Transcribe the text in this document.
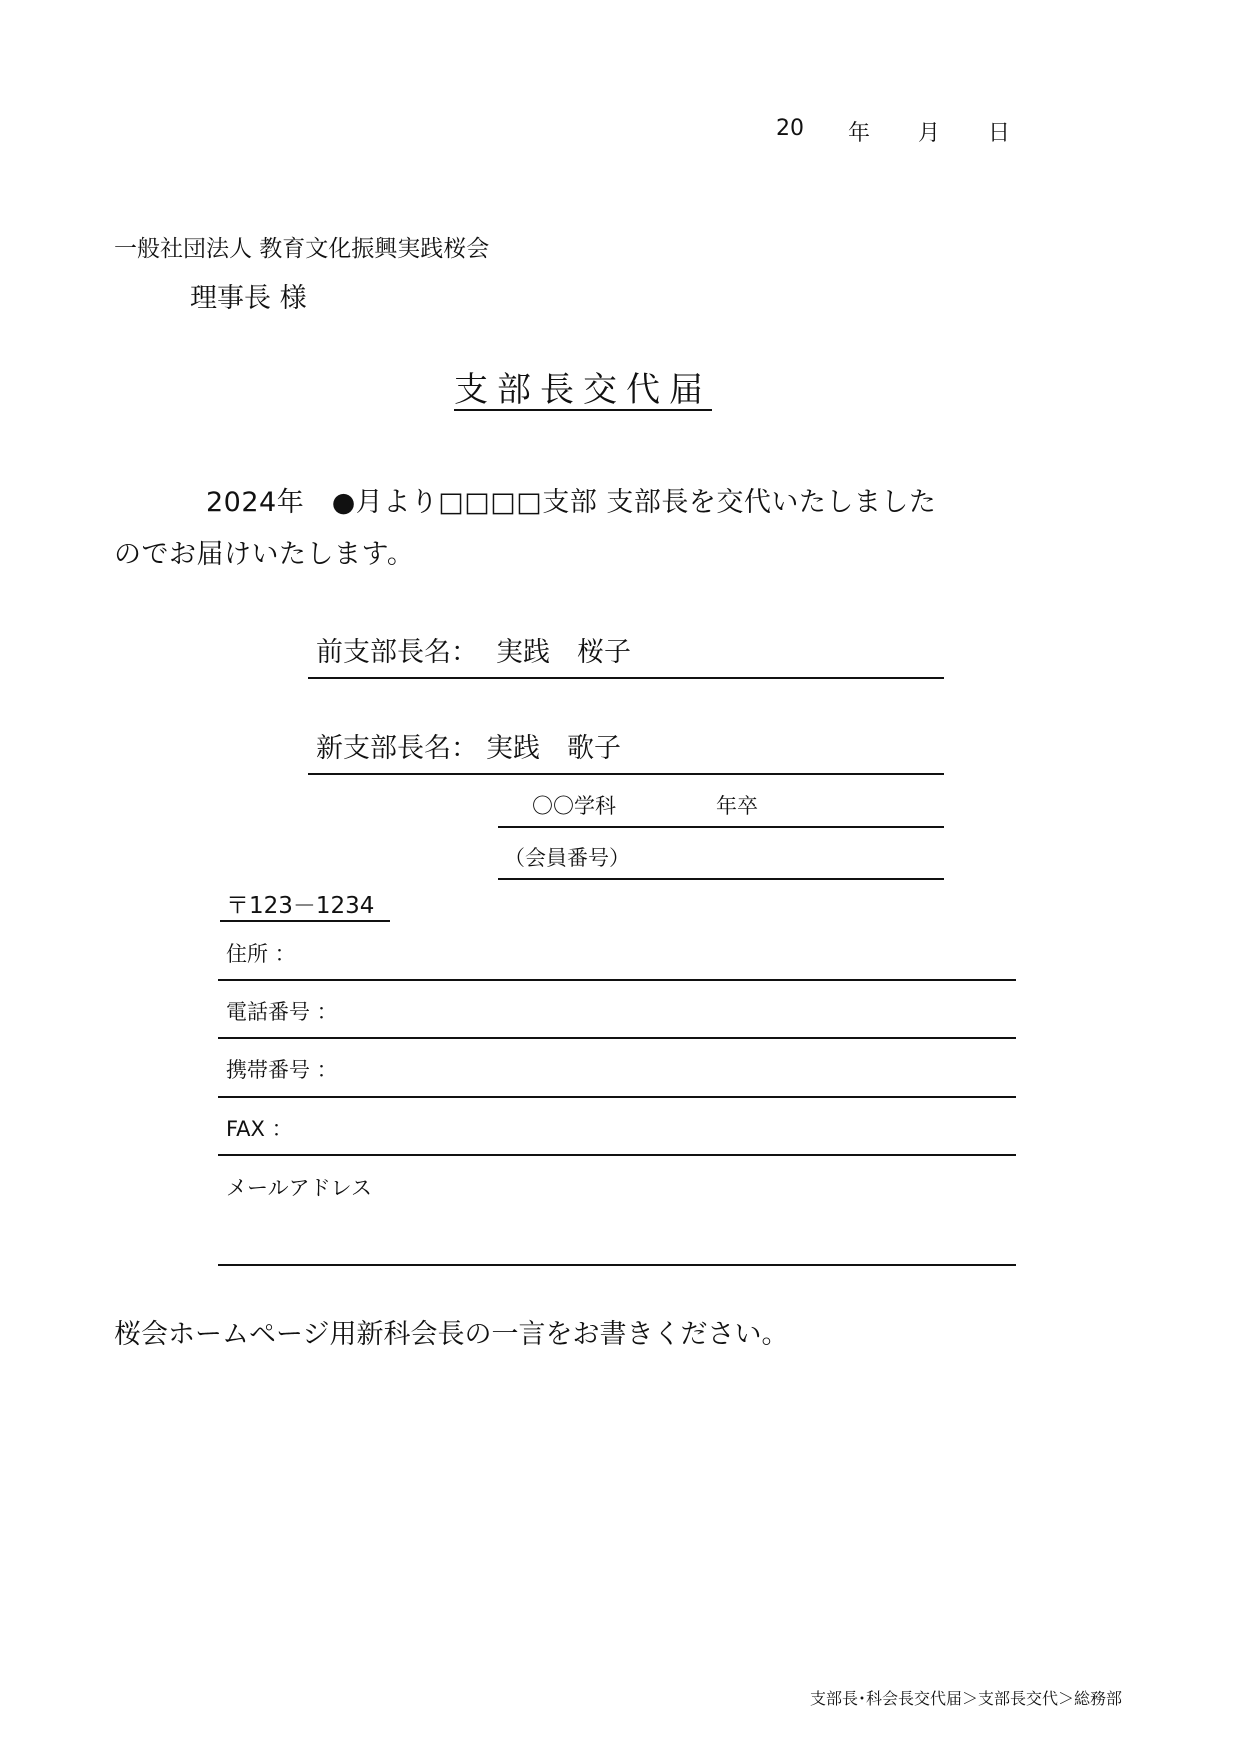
20 年 月 日
一般社団法人 教育文化振興実践桜会
理事長 様
支部長交代届
2024年　●月より□□□□支部 支部長を交代いたしました
のでお届けいたします。
前支部長名： 実践　桜子
新支部長名： 実践　歌子
〇〇学科	年卒
（会員番号）
〒123－1234
住所 ：
電話番号 ：
携帯番号 ：
FAX ：
メールアドレス
桜会ホームページ用新科会長の一言をお書きください。
支部長･科会長交代届＞支部長交代＞総務部
